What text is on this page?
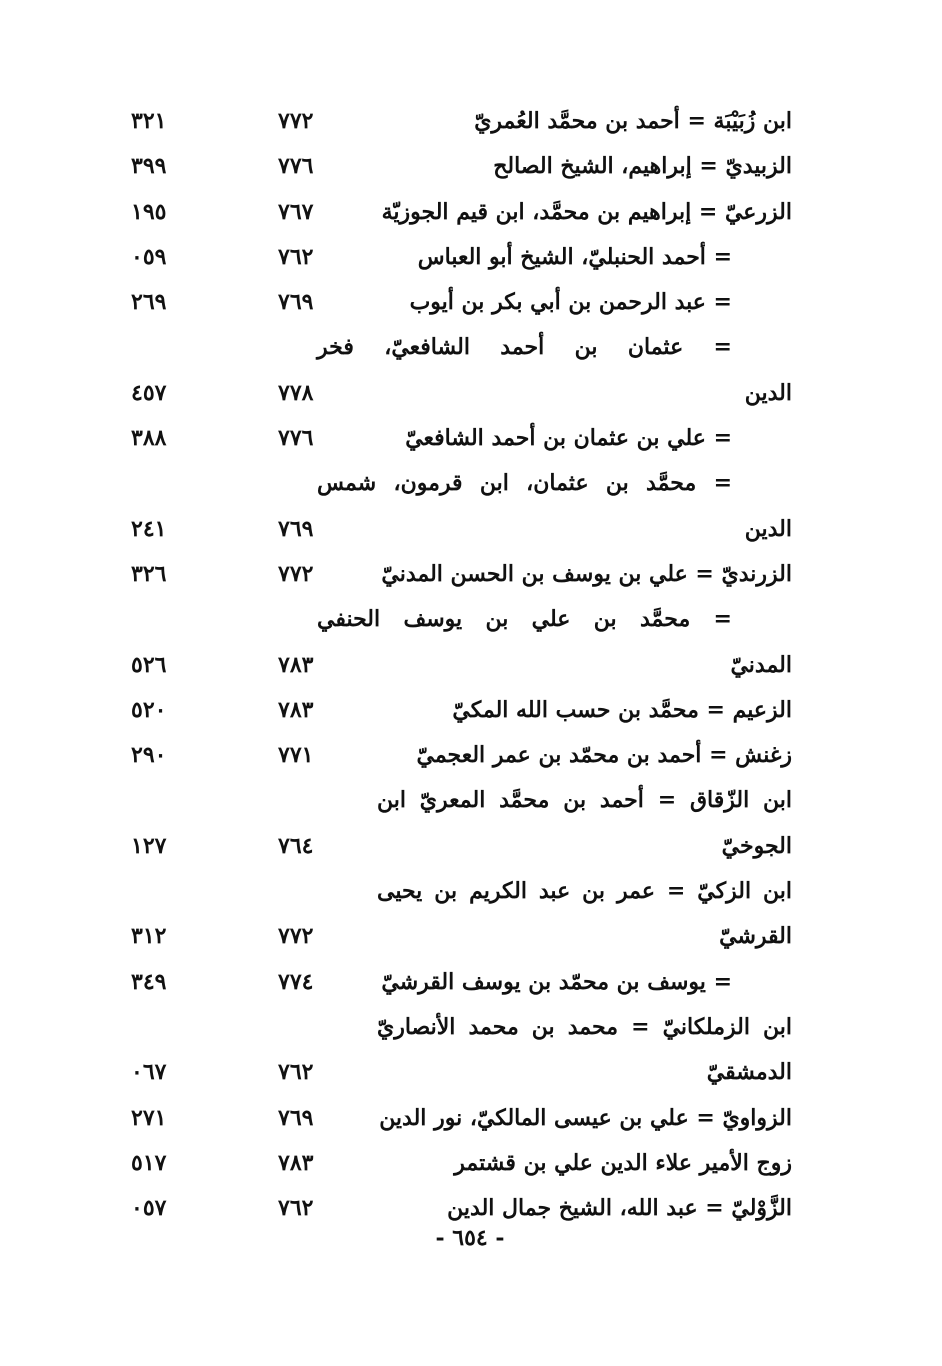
ابن زُبَيْبَة = أحمد بن محمَّد العُمريّ
٧٧٢
٣٢١
الزبيديّ = إبراهيم، الشيخ الصالح
٧٧٦
٣٩٩
الزرعيّ = إبراهيم بن محمَّد، ابن قيم الجوزيّة
٧٦٧
١٩٥
= أحمد الحنبليّ، الشيخ أبو العباس
٧٦٢
٠٥٩
= عبد الرحمن بن أبي بكر بن أيوب
٧٦٩
٢٦٩
= عثمان بن أحمد الشافعيّ، فخر
الدين
٧٧٨
٤٥٧
= علي بن عثمان بن أحمد الشافعيّ
٧٧٦
٣٨٨
= محمَّد بن عثمان، ابن قرمون، شمس
الدين
٧٦٩
٢٤١
الزرنديّ = علي بن يوسف بن الحسن المدنيّ
٧٧٢
٣٢٦
= محمَّد بن علي بن يوسف الحنفي
المدنيّ
٧٨٣
٥٢٦
الزعيم = محمَّد بن حسب الله المكيّ
٧٨٣
٥٢٠
زغنش = أحمد بن محمّد بن عمر العجميّ
٧٧١
٢٩٠
ابن الزّقاق = أحمد بن محمَّد المعريّ ابن
الجوخيّ
٧٦٤
١٢٧
ابن الزكيّ = عمر بن عبد الكريم بن يحيى
القرشيّ
٧٧٢
٣١٢
= يوسف بن محمّد بن يوسف القرشيّ
٧٧٤
٣٤٩
ابن الزملكانيّ = محمد بن محمد الأنصاريّ
الدمشقيّ
٧٦٢
٠٦٧
الزواويّ = علي بن عيسى المالكيّ، نور الدين
٧٦٩
٢٧١
زوج الأمير علاء الدين علي بن قشتمر
٧٨٣
٥١٧
الزَّوْليّ = عبد الله، الشيخ جمال الدين
٧٦٢
٠٥٧
- ٦٥٤ -
